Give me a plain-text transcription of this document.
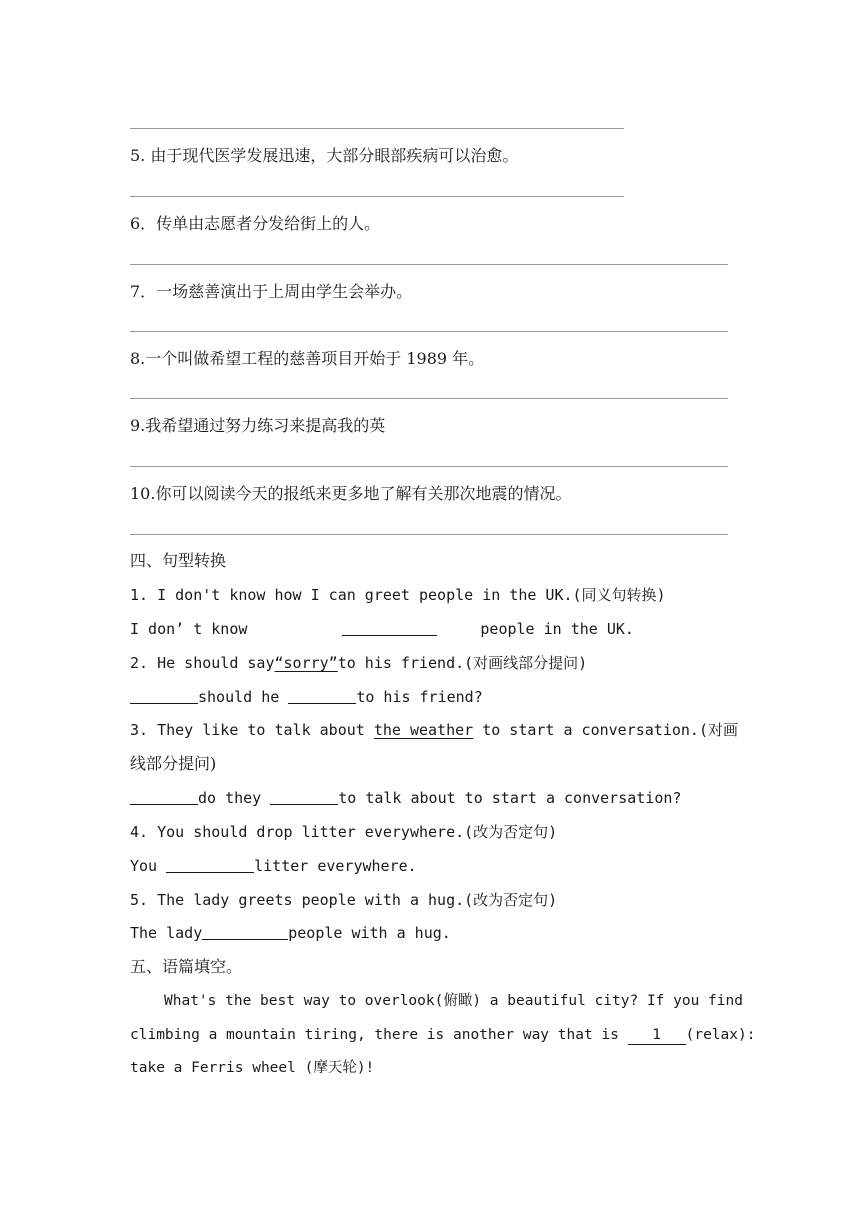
5. 由于现代医学发展迅速，大部分眼部疾病可以治愈。
6．传单由志愿者分发给街上的人。
7．一场慈善演出于上周由学生会举办。
8.一个叫做希望工程的慈善项目开始于 1989 年。
9.我希望通过努力练习来提高我的英
10.你可以阅读今天的报纸来更多地了解有关那次地震的情况。
四、句型转换
1. I don't know how I can greet people in the UK.(同义句转换)
I don’ t know	people in the UK.
2. He should say“sorry”to his friend.(对画线部分提问)
should he	to his friend?
3. They like to talk about the weather to start a conversation.(对画
线部分提问)
do they	to talk about to start a conversation?
4. You should drop litter everywhere.(改为否定句)
You	litter everywhere.
5. The lady greets people with a hug.(改为否定句)
The lady	people with a hug.
五、语篇填空。
What's the best way to overlook(俯瞰) a beautiful city? If you find
climbing a mountain tiring, there is another way that is 1 (relax):
take a Ferris wheel (摩天轮)!
